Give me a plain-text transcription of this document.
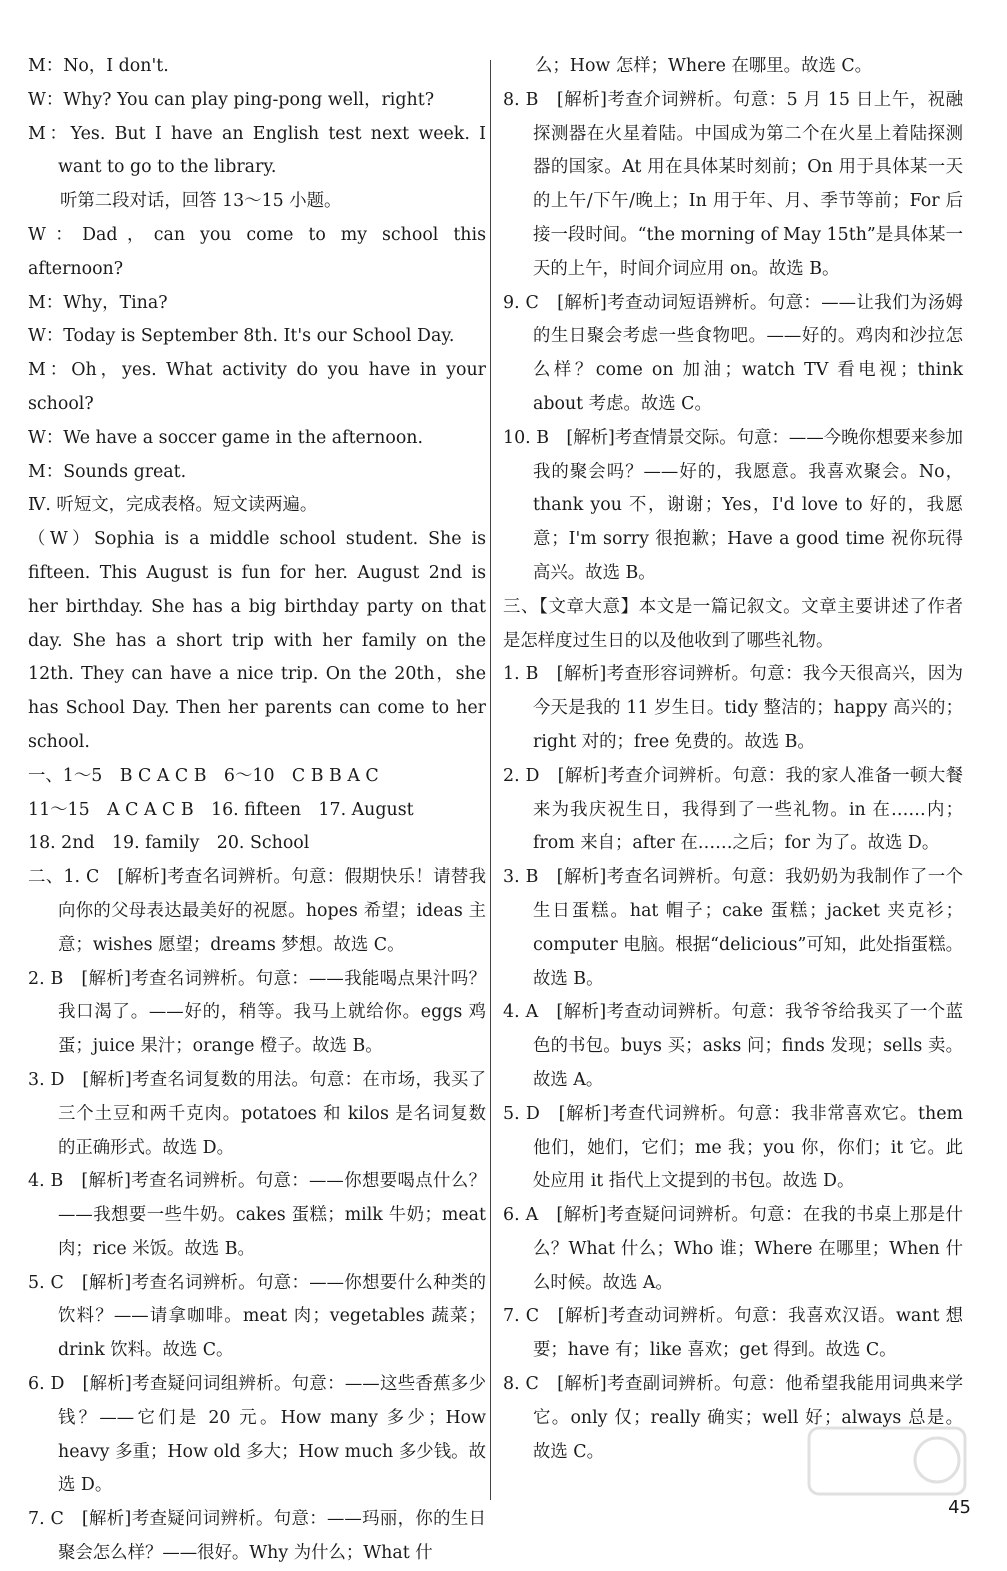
M：No，I don't.

W：Why? You can play ping-pong well，right?

M：Yes. But I have an English test next week. I want to go to the library.

听第二段对话，回答 13～15 小题。

W：Dad，can you come to my school this afternoon?

M：Why，Tina?

W：Today is September 8th. It's our School Day.

M：Oh，yes. What activity do you have in your school?

W：We have a soccer game in the afternoon.

M：Sounds great.

Ⅳ. 听短文，完成表格。短文读两遍。

（W）Sophia is a middle school student. She is fifteen. This August is fun for her. August 2nd is her birthday. She has a big birthday party on that day. She has a short trip with her family on the 12th. They can have a nice trip. On the 20th，she has School Day. Then her parents can come to her school.

一、1～5　B C A C B　6～10　C B B A C

11～15　A C A C B　16. fifteen　17. August

18. 2nd　19. family　20. School

二、1. C　[解析]考查名词辨析。句意：假期快乐！请替我向你的父母表达最美好的祝愿。hopes 希望；ideas 主意；wishes 愿望；dreams 梦想。故选 C。

2. B　[解析]考查名词辨析。句意：——我能喝点果汁吗？我口渴了。——好的，稍等。我马上就给你。eggs 鸡蛋；juice 果汁；orange 橙子。故选 B。

3. D　[解析]考查名词复数的用法。句意：在市场，我买了三个土豆和两千克肉。potatoes 和 kilos 是名词复数的正确形式。故选 D。

4. B　[解析]考查名词辨析。句意：——你想要喝点什么？——我想要一些牛奶。cakes 蛋糕；milk 牛奶；meat 肉；rice 米饭。故选 B。

5. C　[解析]考查名词辨析。句意：——你想要什么种类的饮料？——请拿咖啡。meat 肉；vegetables 蔬菜；drink 饮料。故选 C。

6. D　[解析]考查疑问词组辨析。句意：——这些香蕉多少钱？——它们是 20 元。How many 多少；How heavy 多重；How old 多大；How much 多少钱。故选 D。

7. C　[解析]考查疑问词辨析。句意：——玛丽，你的生日聚会怎么样？——很好。Why 为什么；What 什

么；How 怎样；Where 在哪里。故选 C。

8. B　[解析]考查介词辨析。句意：5 月 15 日上午，祝融探测器在火星着陆。中国成为第二个在火星上着陆探测器的国家。At 用在具体某时刻前；On 用于具体某一天的上午/下午/晚上；In 用于年、月、季节等前；For 后接一段时间。“the morning of May 15th”是具体某一天的上午，时间介词应用 on。故选 B。

9. C　[解析]考查动词短语辨析。句意：——让我们为汤姆的生日聚会考虑一些食物吧。——好的。鸡肉和沙拉怎么样？come on 加油；watch TV 看电视；think about 考虑。故选 C。

10. B　[解析]考查情景交际。句意：——今晚你想要来参加我的聚会吗？——好的，我愿意。我喜欢聚会。No，thank you 不，谢谢；Yes，I'd love to 好的，我愿意；I'm sorry 很抱歉；Have a good time 祝你玩得高兴。故选 B。

三、【文章大意】本文是一篇记叙文。文章主要讲述了作者是怎样度过生日的以及他收到了哪些礼物。

1. B　[解析]考查形容词辨析。句意：我今天很高兴，因为今天是我的 11 岁生日。tidy 整洁的；happy 高兴的；right 对的；free 免费的。故选 B。

2. D　[解析]考查介词辨析。句意：我的家人准备一顿大餐来为我庆祝生日，我得到了一些礼物。in 在……内；from 来自；after 在……之后；for 为了。故选 D。

3. B　[解析]考查名词辨析。句意：我奶奶为我制作了一个生日蛋糕。hat 帽子；cake 蛋糕；jacket 夹克衫；computer 电脑。根据“delicious”可知，此处指蛋糕。故选 B。

4. A　[解析]考查动词辨析。句意：我爷爷给我买了一个蓝色的书包。buys 买；asks 问；finds 发现；sells 卖。故选 A。

5. D　[解析]考查代词辨析。句意：我非常喜欢它。them 他们，她们，它们；me 我；you 你，你们；it 它。此处应用 it 指代上文提到的书包。故选 D。

6. A　[解析]考查疑问词辨析。句意：在我的书桌上那是什么？What 什么；Who 谁；Where 在哪里；When 什么时候。故选 A。

7. C　[解析]考查动词辨析。句意：我喜欢汉语。want 想要；have 有；like 喜欢；get 得到。故选 C。

8. C　[解析]考查副词辨析。句意：他希望我能用词典来学它。only 仅；really 确实；well 好；always 总是。故选 C。

45
